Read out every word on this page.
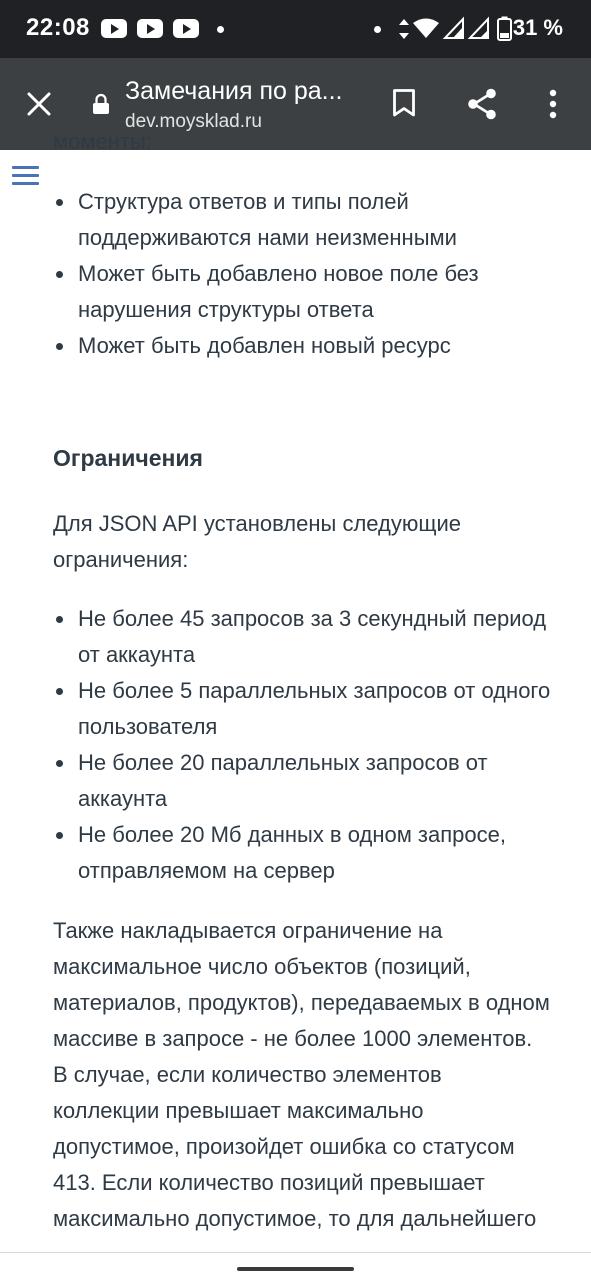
22:08	4	31 %
Замечания по ра...
dev.moysklad.ru
моменты:
Структура ответов и типы полей поддерживаются нами неизменными
Может быть добавлено новое поле без нарушения структуры ответа
Может быть добавлен новый ресурс
Ограничения

Для JSON API установлены следующие ограничения:

Не более 45 запросов за 3 секундный период от аккаунта
Не более 5 параллельных запросов от одного пользователя
Не более 20 параллельных запросов от аккаунта
Не более 20 Мб данных в одном запросе, отправляемом на сервер

Также накладывается ограничение на максимальное число объектов (позиций, материалов, продуктов), передаваемых в одном массиве в запросе - не более 1000 элементов. В случае, если количество элементов коллекции превышает максимально допустимое, произойдет ошибка со статусом 413. Если количество позиций превышает максимально допустимое, то для дальнейшего
